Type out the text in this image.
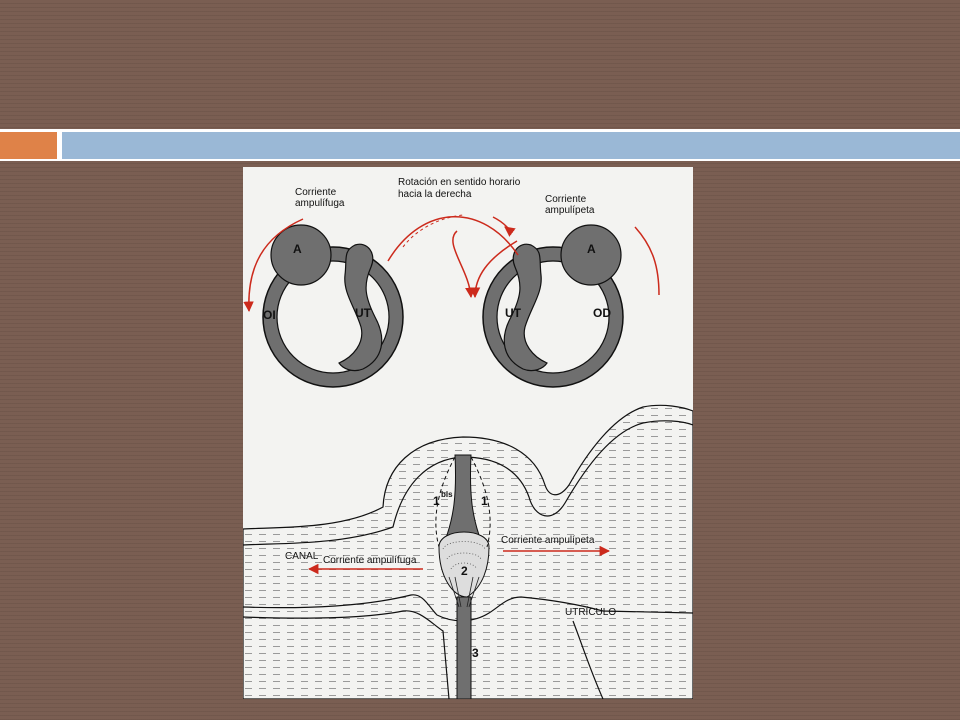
A
OI	UT
A
UT	OD
Rotación en sentido horario
hacia la derecha
Corriente
ampulífuga	Corriente
ampulípeta
1 bis 1
2
3
CANAL Corriente ampulífuga
Corriente ampulípeta
UTRÍCULO
